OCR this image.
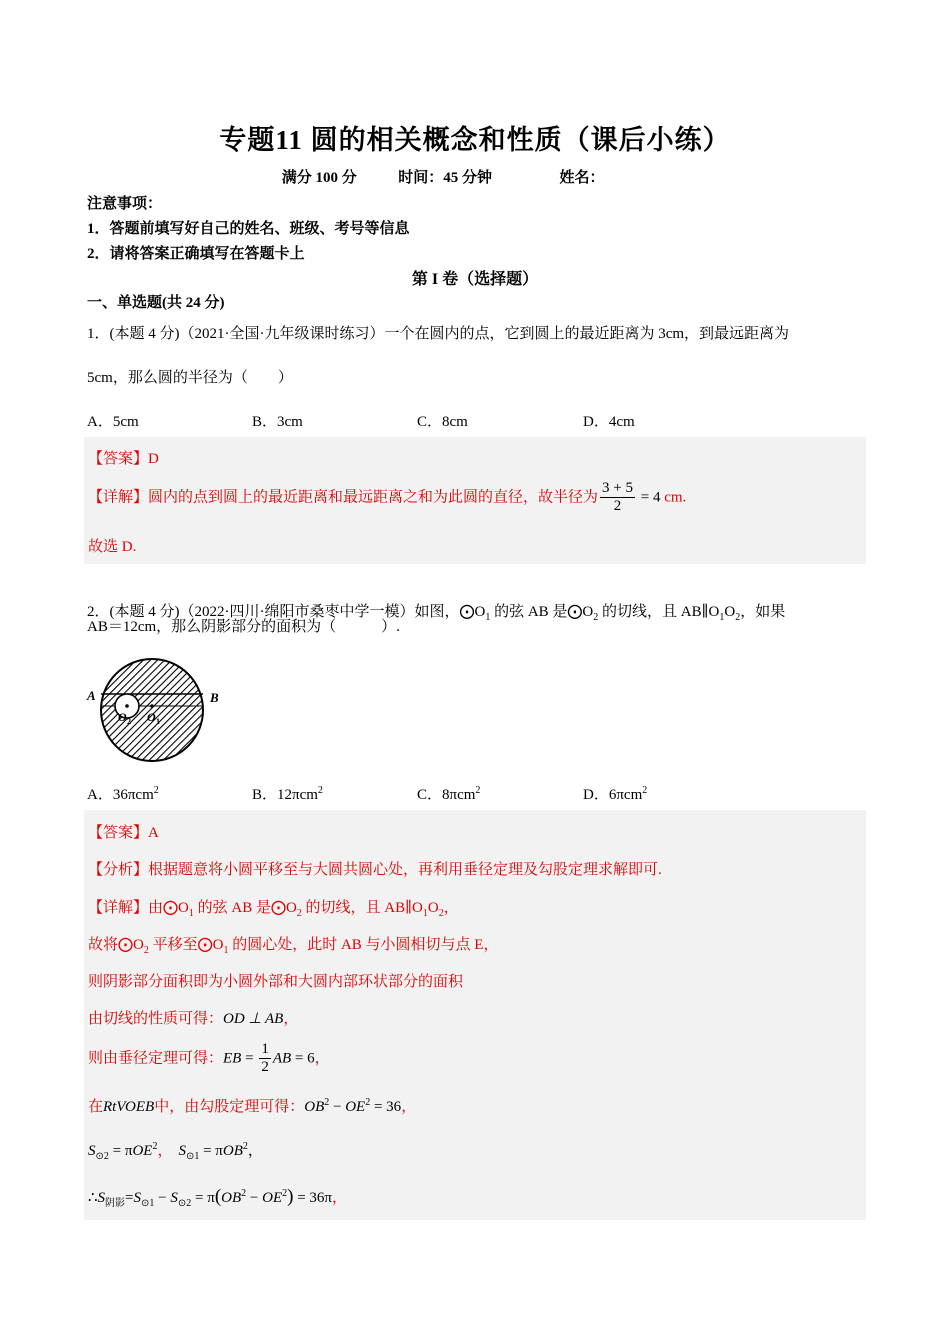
专题11 圆的相关概念和性质（课后小练）
满分 100 分	时间：45 分钟	姓名：
注意事项：
1．答题前填写好自己的姓名、班级、考号等信息
2．请将答案正确填写在答题卡上
第 I 卷（选择题）
一、单选题(共 24 分)
1．(本题 4 分)（2021·全国·九年级课时练习）一个在圆内的点，它到圆上的最近距离为 3cm，到最远距离为
5cm，那么圆的半径为（　　）
A．5cm	B．3cm	C．8cm	D．4cm
【答案】D
【详解】圆内的点到圆上的最近距离和最远距离之和为此圆的直径，故半径为 $\frac{3 + 5}{2} = 4$ cm.
故选 D.
2．(本题 4 分)（2022·四川·绵阳市桑枣中学一模）如图，$⨀O_1$ 的弦 AB 是$⨀O_2$ 的切线，且 $AB\parallel O_1O_2$，如果
AB＝12cm，那么阴影部分的面积为（　　　）.
A	B
O 2 O 1
A．36πcm$^2$	B．12πcm$^2$	C．8πcm$^2$	D．6πcm$^2$
【答案】A
【分析】根据题意将小圆平移至与大圆共圆心处，再利用垂径定理及勾股定理求解即可.
【详解】由$⨀O_1$ 的弦 AB 是$⨀O_2$ 的切线，且 $AB\parallel O_1O_2$，
故将$⨀O_2$ 平移至$⨀O_1$ 的圆心处，此时 AB 与小圆相切与点 E，
则阴影部分面积即为小圆外部和大圆内部环状部分的面积
由切线的性质可得：OD ⊥ AB，
则由垂径定理可得：EB = $\frac{1}{2}$ AB = 6，
在RtVOEB中，由勾股定理可得：$OB^2 - OE^2 = 36$，
$S_{⊙2} = \pi OE^2$， $S_{⊙1} = \pi OB^2$，
$\therefore S_{阴影}=S_{⊙1} - S_{⊙2} = \pi(OB^2 - OE^2) = 36\pi$，
